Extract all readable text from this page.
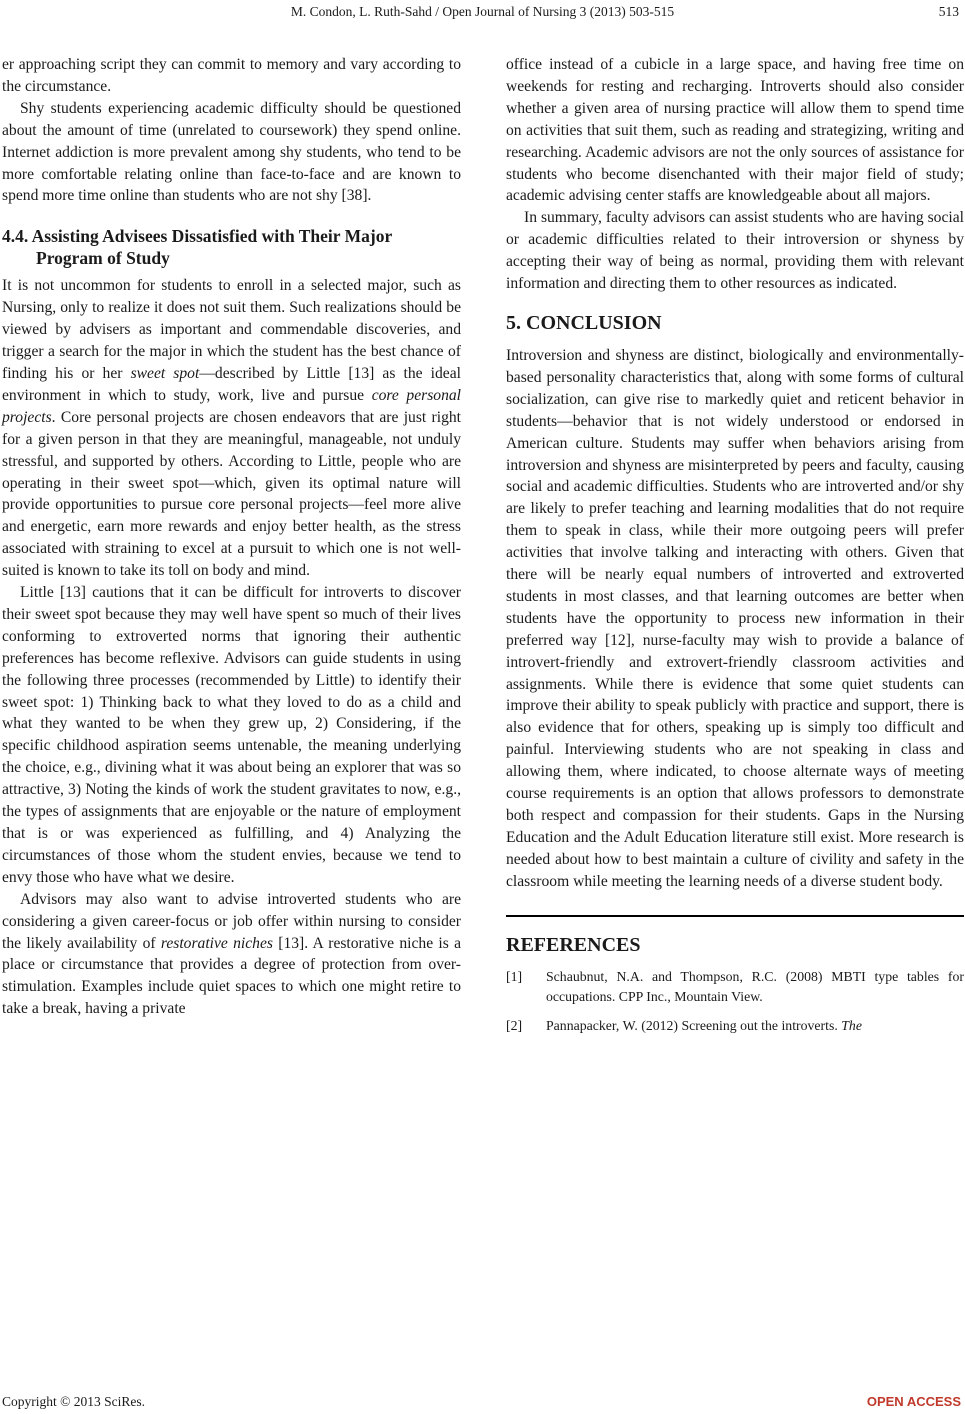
M. Condon, L. Ruth-Sahd / Open Journal of Nursing 3 (2013) 503-515	513

er approaching script they can commit to memory and vary according to the circumstance.

Shy students experiencing academic difficulty should be questioned about the amount of time (unrelated to coursework) they spend online. Internet addiction is more prevalent among shy students, who tend to be more comfortable relating online than face-to-face and are known to spend more time online than students who are not shy [38].

4.4. Assisting Advisees Dissatisfied with Their Major Program of Study

It is not uncommon for students to enroll in a selected major, such as Nursing, only to realize it does not suit them. Such realizations should be viewed by advisers as important and commendable discoveries, and trigger a search for the major in which the student has the best chance of finding his or her sweet spot—described by Little [13] as the ideal environment in which to study, work, live and pursue core personal projects. Core personal projects are chosen endeavors that are just right for a given person in that they are meaningful, manageable, not unduly stressful, and supported by others. According to Little, people who are operating in their sweet spot—which, given its optimal nature will provide opportunities to pursue core personal projects—feel more alive and energetic, earn more rewards and enjoy better health, as the stress associated with straining to excel at a pursuit to which one is not well-suited is known to take its toll on body and mind.

Little [13] cautions that it can be difficult for introverts to discover their sweet spot because they may well have spent so much of their lives conforming to extroverted norms that ignoring their authentic preferences has become reflexive. Advisors can guide students in using the following three processes (recommended by Little) to identify their sweet spot: 1) Thinking back to what they loved to do as a child and what they wanted to be when they grew up, 2) Considering, if the specific childhood aspiration seems untenable, the meaning underlying the choice, e.g., divining what it was about being an explorer that was so attractive, 3) Noting the kinds of work the student gravitates to now, e.g., the types of assignments that are enjoyable or the nature of employment that is or was experienced as fulfilling, and 4) Analyzing the circumstances of those whom the student envies, because we tend to envy those who have what we desire.

Advisors may also want to advise introverted students who are considering a given career-focus or job offer within nursing to consider the likely availability of restorative niches [13]. A restorative niche is a place or circumstance that provides a degree of protection from over-stimulation. Examples include quiet spaces to which one might retire to take a break, having a private

office instead of a cubicle in a large space, and having free time on weekends for resting and recharging. Introverts should also consider whether a given area of nursing practice will allow them to spend time on activities that suit them, such as reading and strategizing, writing and researching. Academic advisors are not the only sources of assistance for students who become disenchanted with their major field of study; academic advising center staffs are knowledgeable about all majors.

In summary, faculty advisors can assist students who are having social or academic difficulties related to their introversion or shyness by accepting their way of being as normal, providing them with relevant information and directing them to other resources as indicated.

5. CONCLUSION

Introversion and shyness are distinct, biologically and environmentally-based personality characteristics that, along with some forms of cultural socialization, can give rise to markedly quiet and reticent behavior in students—behavior that is not widely understood or endorsed in American culture. Students may suffer when behaviors arising from introversion and shyness are misinterpreted by peers and faculty, causing social and academic difficulties. Students who are introverted and/or shy are likely to prefer teaching and learning modalities that do not require them to speak in class, while their more outgoing peers will prefer activities that involve talking and interacting with others. Given that there will be nearly equal numbers of introverted and extroverted students in most classes, and that learning outcomes are better when students have the opportunity to process new information in their preferred way [12], nurse-faculty may wish to provide a balance of introvert-friendly and extrovert-friendly classroom activities and assignments. While there is evidence that some quiet students can improve their ability to speak publicly with practice and support, there is also evidence that for others, speaking up is simply too difficult and painful. Interviewing students who are not speaking in class and allowing them, where indicated, to choose alternate ways of meeting course requirements is an option that allows professors to demonstrate both respect and compassion for their students. Gaps in the Nursing Education and the Adult Education literature still exist. More research is needed about how to best maintain a culture of civility and safety in the classroom while meeting the learning needs of a diverse student body.

REFERENCES
[1]	Schaubnut, N.A. and Thompson, R.C. (2008) MBTI type tables for occupations. CPP Inc., Mountain View.
[2]	Pannapacker, W. (2012) Screening out the introverts. The
Copyright © 2013 SciRes.	OPEN ACCESS
